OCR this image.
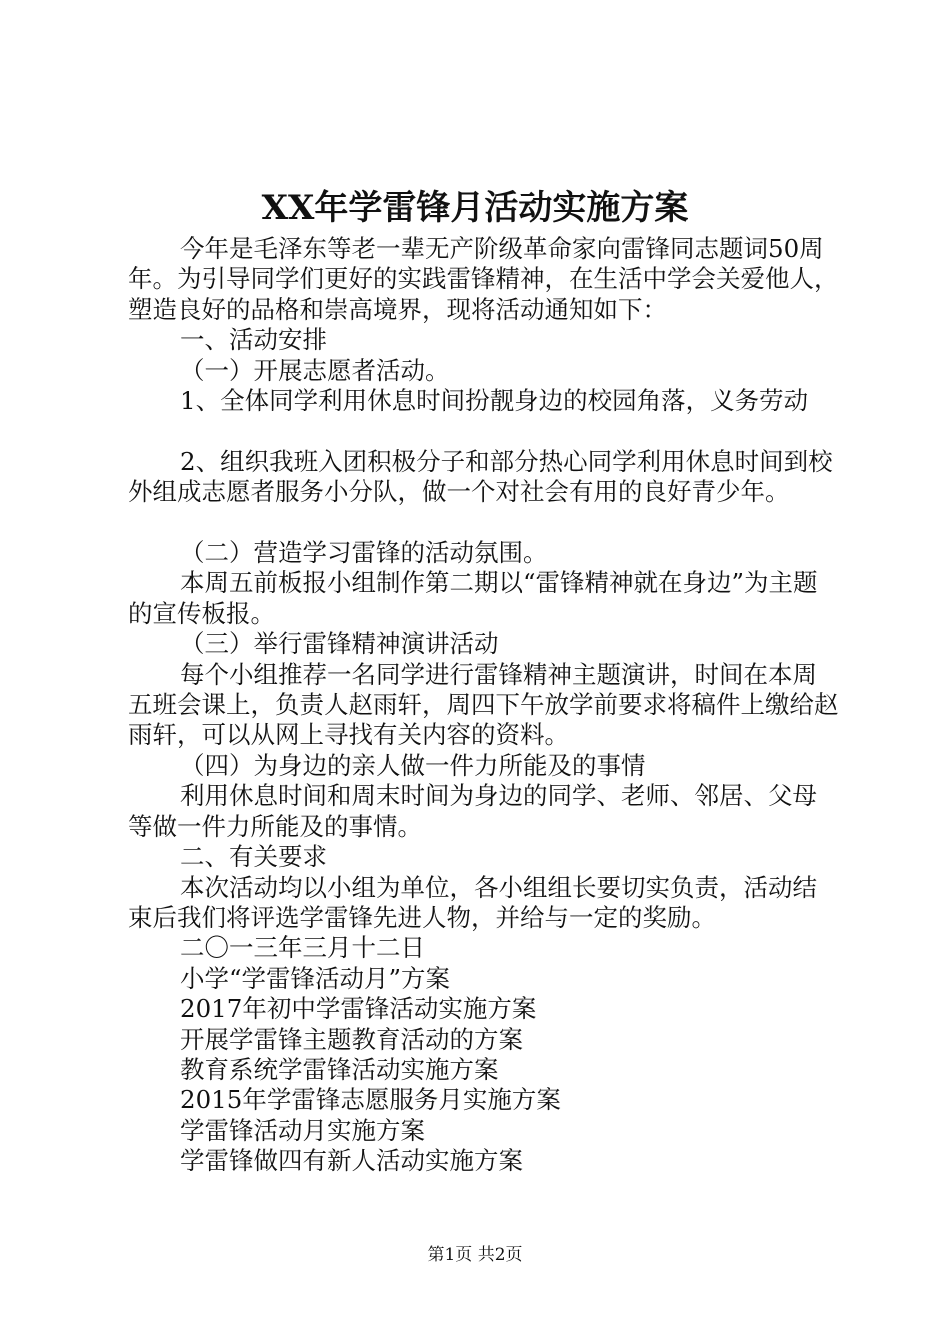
XX年学雷锋月活动实施方案

今年是毛泽东等老一辈无产阶级革命家向雷锋同志题词50周年。为引导同学们更好的实践雷锋精神，在生活中学会关爱他人，塑造良好的品格和崇高境界，现将活动通知如下：

一、活动安排

（一）开展志愿者活动。

1、全体同学利用休息时间扮靓身边的校园角落，义务劳动

2、组织我班入团积极分子和部分热心同学利用休息时间到校外组成志愿者服务小分队，做一个对社会有用的良好青少年。

（二）营造学习雷锋的活动氛围。

本周五前板报小组制作第二期以“雷锋精神就在身边”为主题的宣传板报。

（三）举行雷锋精神演讲活动

每个小组推荐一名同学进行雷锋精神主题演讲，时间在本周五班会课上，负责人赵雨轩，周四下午放学前要求将稿件上缴给赵雨轩，可以从网上寻找有关内容的资料。

（四）为身边的亲人做一件力所能及的事情

利用休息时间和周末时间为身边的同学、老师、邻居、父母等做一件力所能及的事情。

二、有关要求

本次活动均以小组为单位，各小组组长要切实负责，活动结束后我们将评选学雷锋先进人物，并给与一定的奖励。

二〇一三年三月十二日

小学“学雷锋活动月”方案

2017年初中学雷锋活动实施方案

开展学雷锋主题教育活动的方案

教育系统学雷锋活动实施方案

2015年学雷锋志愿服务月实施方案

学雷锋活动月实施方案

学雷锋做四有新人活动实施方案

第1页 共2页
